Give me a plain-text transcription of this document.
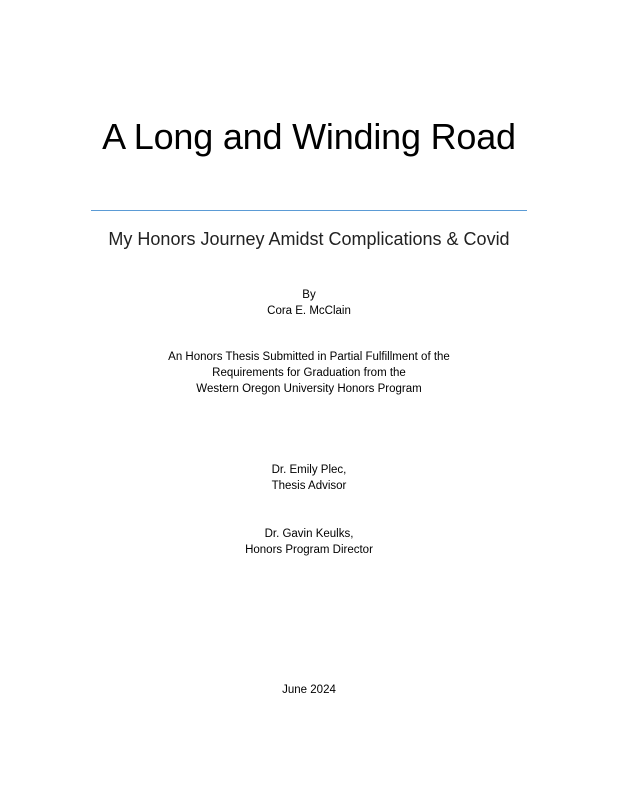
A Long and Winding Road
My Honors Journey Amidst Complications & Covid
By
Cora E. McClain
An Honors Thesis Submitted in Partial Fulfillment of the
Requirements for Graduation from the
Western Oregon University Honors Program
Dr. Emily Plec,
Thesis Advisor
Dr. Gavin Keulks,
Honors Program Director
June 2024
